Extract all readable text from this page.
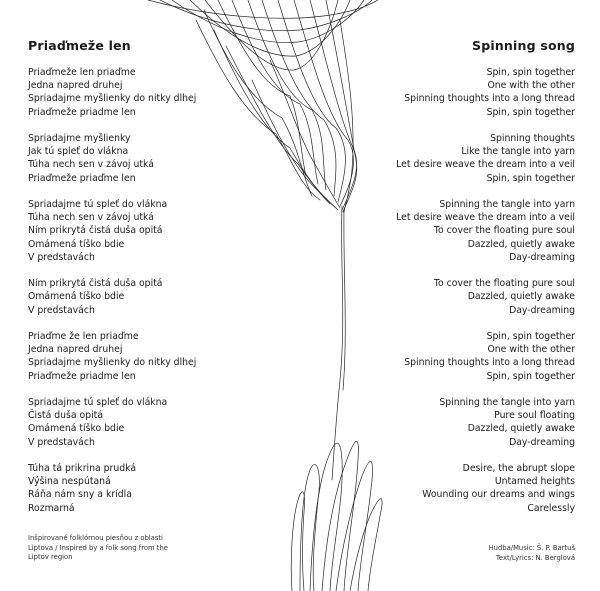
Priaďmeže len
Priaďmeže len priaďme
Jedna napred druhej
Spriadajme myšlienky do nitky dlhej
Priaďmeže priadme len
Spriadajme myšlienky
Jak tú spleť do vlákna
Túha nech sen v závoj utká
Priaďmeže priaďme len
Spriadajme tú spleť do vlákna
Túha nech sen v závoj utká
Ním prikrytá čistá duša opitá
Omámená tíško bdie
V predstavách
Ním prikrytá čistá duša opitá
Omámená tíško bdie
V predstavách
Priaďme že len priaďme
Jedna napred druhej
Spriadajme myšlienky do nitky dlhej
Priaďmeže priadme len
Spriadajme tú spleť do vlákna
Čistá duša opitá
Omámená tíško bdie
V predstavách
Túha tá prikrina prudká
Výšina nespútaná
Ráňa nám sny a krídla
Rozmarná
Spinning song
Spin, spin together
One with the other
Spinning thoughts into a long thread
Spin, spin together
Spinning thoughts
Like the tangle into yarn
Let desire weave the dream into a veil
Spin, spin together
Spinning the tangle into yarn
Let desire weave the dream into a veil
To cover the floating pure soul
Dazzled, quietly awake
Day-dreaming
To cover the floating pure soul
Dazzled, quietly awake
Day-dreaming
Spin, spin together
One with the other
Spinning thoughts into a long thread
Spin, spin together
Spinning the tangle into yarn
Pure soul floating
Dazzled, quietly awake
Day-dreaming
Desire, the abrupt slope
Untamed heights
Wounding our dreams and wings
Carelessly
Inšpirované folklórnou piesňou z oblasti Liptova / Inspired by a folk song from the Liptov region
Hudba/Music: Š. P. Bartuš
Text/Lyrics: N. Berglová
